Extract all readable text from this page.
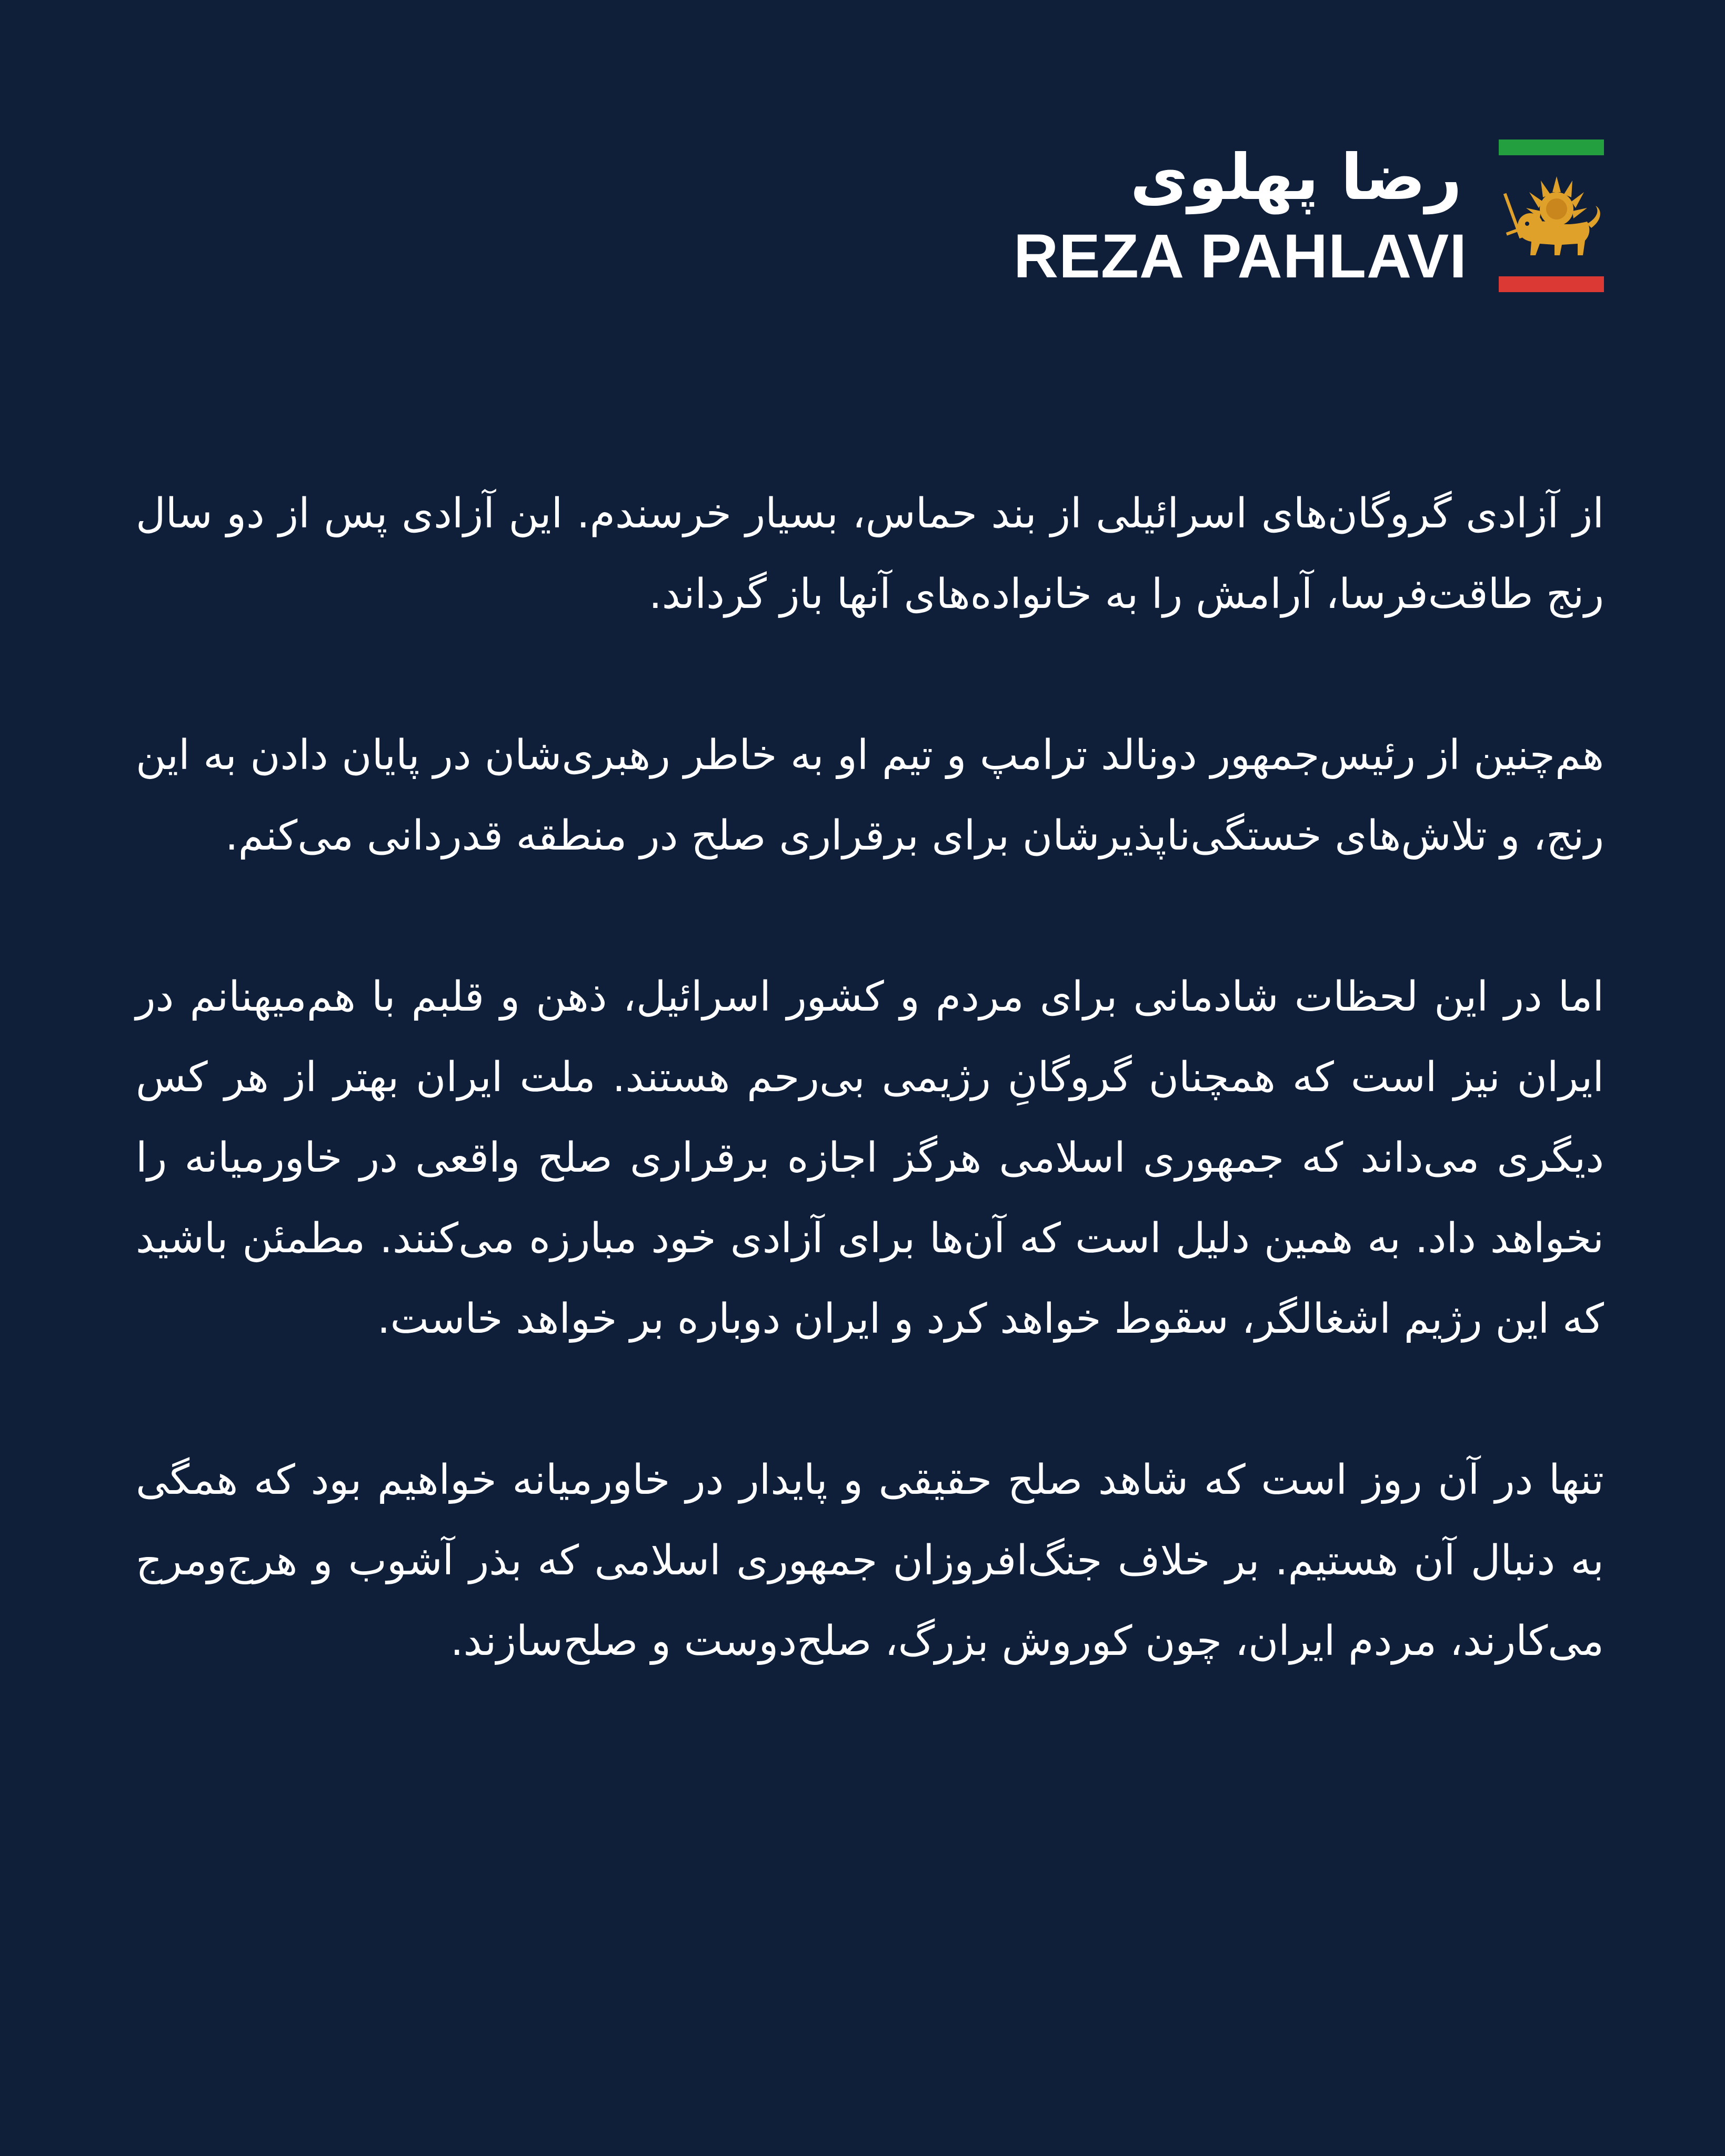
رضا پهلوی
REZA PAHLAVI

از آزادی گروگان‌های اسرائیلی از بند حماس، بسیار خرسندم. این آزادی پس از دو سال رنج طاقت‌فرسا، آرامش را به خانواده‌های آنها باز گرداند.

هم‌چنین از رئیس‌جمهور دونالد ترامپ و تیم او به خاطر رهبری‌شان در پایان دادن به این رنج، و تلاش‌های خستگی‌ناپذیرشان برای برقراری صلح در منطقه قدردانی می‌کنم.

اما در این لحظات شادمانی برای مردم و کشور اسرائیل، ذهن و قلبم با هم‌میهنانم در ایران نیز است که همچنان گروگانِ رژیمی بی‌رحم هستند. ملت ایران بهتر از هر کس دیگری می‌داند که جمهوری اسلامی هرگز اجازه برقراری صلح واقعی در خاورمیانه را نخواهد داد. به همین دلیل است که آن‌ها برای آزادی خود مبارزه می‌کنند. مطمئن باشید که این رژیم اشغالگر، سقوط خواهد کرد و ایران دوباره بر خواهد خاست.

تنها در آن روز است که شاهد صلح حقیقی و پایدار در خاورمیانه خواهیم بود که همگی به دنبال آن هستیم. بر خلاف جنگ‌افروزان جمهوری اسلامی که بذر آشوب و هرج‌ومرج می‌کارند، مردم ایران، چون کوروش بزرگ، صلح‌دوست و صلح‌سازند.
